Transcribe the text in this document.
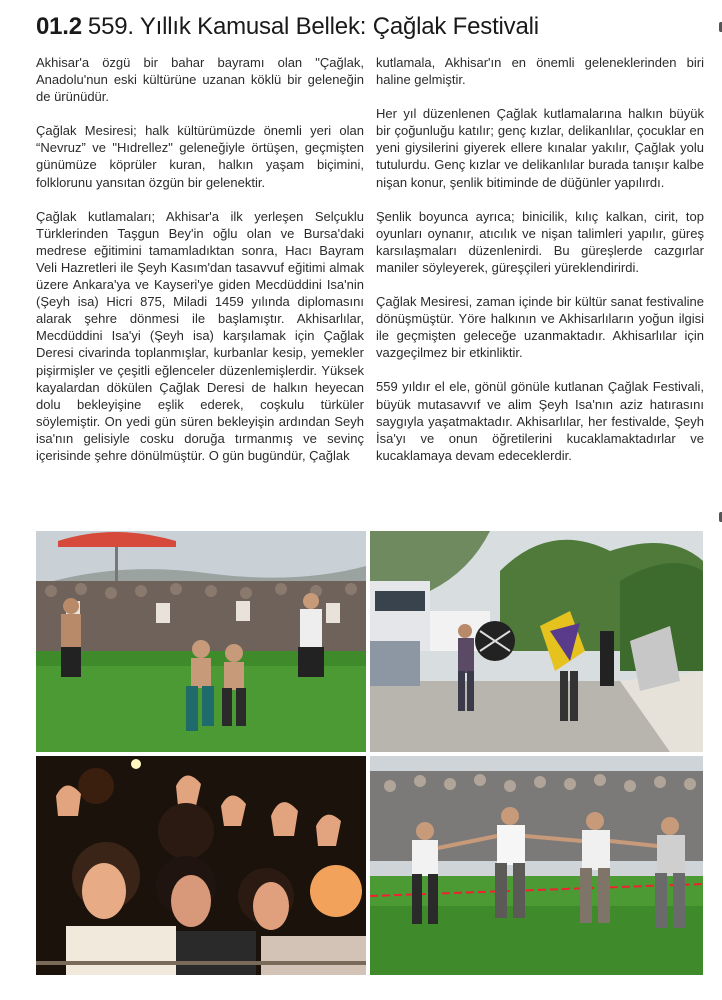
01.2 559. Yıllık Kamusal Bellek: Çağlak Festivali

Akhisar'a özgü bir bahar bayramı olan "Çağlak, Anadolu'nun eski kültürüne uzanan köklü bir geleneğin de ürünüdür.

Çağlak Mesiresi; halk kültürümüzde önemli yeri olan “Nevruz” ve "Hıdrellez" geleneğiyle örtüşen, geçmişten günümüze köprüler kuran, halkın yaşam biçimini, folklorunu yansıtan özgün bir gelenektir.

Çağlak kutlamaları; Akhisar'a ilk yerleşen Selçuklu Türklerinden Taşgun Bey'in oğlu olan ve Bursa'daki medrese eğitimini tamamladıktan sonra, Hacı Bayram Veli Hazretleri ile Şeyh Kasım'dan tasavvuf eğitimi almak üzere Ankara'ya ve Kayseri'ye giden Mecdüddini Isa'nin (Şeyh isa) Hicri 875, Miladi 1459 yılında diplomasını alarak şehre dönmesi ile başlamıştır. Akhisarlılar, Mecdüddini Isa'yi (Şeyh isa) karşılamak için Çağlak Deresi civarinda toplanmışlar, kurbanlar kesip, yemekler pişirmişler ve çeşitli eğlenceler düzenlemişlerdir. Yüksek kayalardan dökülen Çağlak Deresi de halkın heyecan dolu bekleyişine eşlik ederek, coşkulu türküler söylemiştir. On yedi gün süren bekleyişin ardından Seyh isa'nın gelisiyle cosku doruğa tırmanmış ve sevinç içerisinde şehre dönülmüştür. O gün bugündür, Çağlak

kutlamala, Akhisar'ın en önemli geleneklerinden biri haline gelmiştir.

Her yıl düzenlenen Çağlak kutlamalarına halkın büyük bir çoğunluğu katılır; genç kızlar, delikanlılar, çocuklar en yeni giysilerini giyerek ellere kınalar yakılır, Çağlak yolu tutulurdu. Genç kızlar ve delikanlılar burada tanışır kalbe nişan konur, şenlik bitiminde de düğünler yapılırdı.

Şenlik boyunca ayrıca; binicilik, kılıç kalkan, cirit, top oyunları oynanır, atıcılık ve nişan talimleri yapılır, güreş karsılaşmaları düzenlenirdi. Bu güreşlerde cazgırlar maniler söyleyerek, güreşçileri yüreklendirirdi.

Çağlak Mesiresi, zaman içinde bir kültür sanat festivaline dönüşmüştür. Yöre halkının ve Akhisarlıların yoğun ilgisi ile geçmişten geleceğe uzanmaktadır. Akhisarlılar için vazgeçilmez bir etkinliktir.

559 yıldır el ele, gönül gönüle kutlanan Çağlak Festivali, büyük mutasavvıf ve alim Şeyh Isa'nın aziz hatırasını saygıyla yaşatmaktadır. Akhisarlılar, her festivalde, Şeyh İsa'yı ve onun öğretilerini kucaklamaktadırlar ve kucaklamaya devam edeceklerdir.
